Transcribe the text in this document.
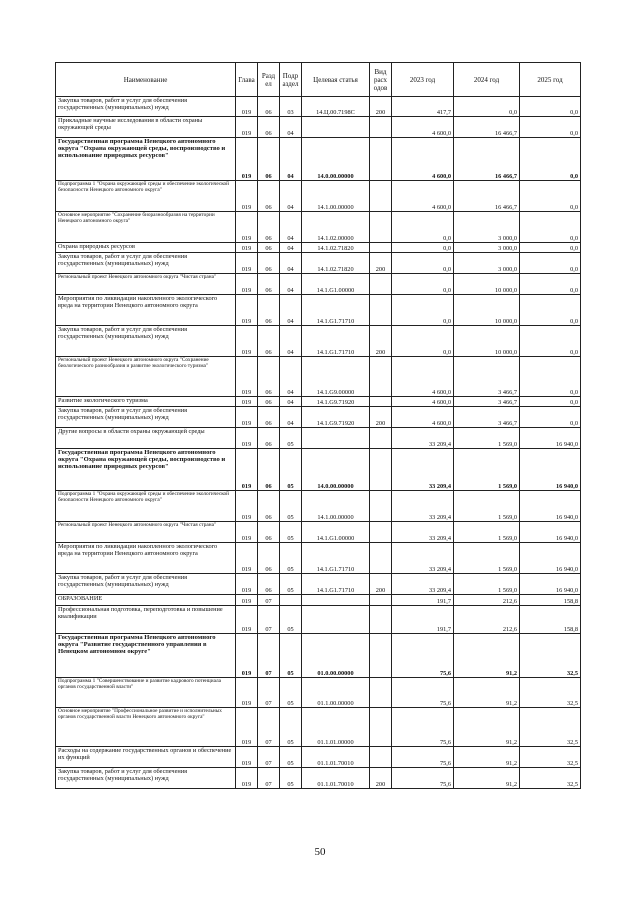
Наименование	Глава	Разд ел	Подр аздел	Целевая статья	Вид расх одов	2023 год	2024 год	2025 год
Закупка товаров, работ и услуг для обеспечения государственных (муниципальных) нужд	019	06	03	14.Ц.00.7198С	200	417,7	0,0	0,0
Прикладные научные исследования в области охраны окружающей среды	019	06	04			4 600,0	16 466,7	0,0
Государственная программа Ненецкого автономного округа "Охрана окружающей среды, воспроизводство и использование природных ресурсов"	019	06	04	14.0.00.00000		4 600,0	16 466,7	0,0
Подпрограмма 1 "Охрана окружающей среды и обеспечение экологической безопасности Ненецкого автономного округа"	019	06	04	14.1.00.00000		4 600,0	16 466,7	0,0
Основное мероприятие "Сохранение биоразнообразия на территории Ненецкого автономного округа"	019	06	04	14.1.02.00000		0,0	3 000,0	0,0
Охрана природных ресурсов	019	06	04	14.1.02.71820		0,0	3 000,0	0,0
Закупка товаров, работ и услуг для обеспечения государственных (муниципальных) нужд	019	06	04	14.1.02.71820	200	0,0	3 000,0	0,0
Региональный проект Ненецкого автономного округа "Чистая страна"	019	06	04	14.1.G1.00000		0,0	10 000,0	0,0
Мероприятия по ликвидации накопленного экологического вреда на территории Ненецкого автономного округа	019	06	04	14.1.G1.71710		0,0	10 000,0	0,0
Закупка товаров, работ и услуг для обеспечения государственных (муниципальных) нужд	019	06	04	14.1.G1.71710	200	0,0	10 000,0	0,0
Региональный проект Ненецкого автономного округа "Сохранение биологического разнообразия и развитие экологического туризма"	019	06	04	14.1.G9.00000		4 600,0	3 466,7	0,0
Развитие экологического туризма	019	06	04	14.1.G9.71920		4 600,0	3 466,7	0,0
Закупка товаров, работ и услуг для обеспечения государственных (муниципальных) нужд	019	06	04	14.1.G9.71920	200	4 600,0	3 466,7	0,0
Другие вопросы в области охраны окружающей среды	019	06	05			33 209,4	1 569,0	16 940,0
Государственная программа Ненецкого автономного округа "Охрана окружающей среды, воспроизводство и использование природных ресурсов"	019	06	05	14.0.00.00000		33 209,4	1 569,0	16 940,0
Подпрограмма 1 "Охрана окружающей среды и обеспечение экологической безопасности Ненецкого автономного округа"	019	06	05	14.1.00.00000		33 209,4	1 569,0	16 940,0
Региональный проект Ненецкого автономного округа "Чистая страна"	019	06	05	14.1.G1.00000		33 209,4	1 569,0	16 940,0
Мероприятия по ликвидации накопленного экологического вреда на территории Ненецкого автономного округа	019	06	05	14.1.G1.71710		33 209,4	1 569,0	16 940,0
Закупка товаров, работ и услуг для обеспечения государственных (муниципальных) нужд	019	06	05	14.1.G1.71710	200	33 209,4	1 569,0	16 940,0
ОБРАЗОВАНИЕ	019	07				191,7	212,6	158,8
Профессиональная подготовка, переподготовка и повышение квалификации	019	07	05			191,7	212,6	158,8
Государственная программа Ненецкого автономного округа "Развитие государственного управления в Ненецком автономном округе"	019	07	05	01.0.00.00000		75,6	91,2	32,5
Подпрограмма 1 "Совершенствование и развитие кадрового потенциала органов государственной власти"	019	07	05	01.1.00.00000		75,6	91,2	32,5
Основное мероприятие "Профессиональное развитие и исполнительных органов государственной власти Ненецкого автономного округа"	019	07	05	01.1.01.00000		75,6	91,2	32,5
Расходы на содержание государственных органов и обеспечение их функций	019	07	05	01.1.01.70010		75,6	91,2	32,5
Закупка товаров, работ и услуг для обеспечения государственных (муниципальных) нужд	019	07	05	01.1.01.70010	200	75,6	91,2	32,5
50
